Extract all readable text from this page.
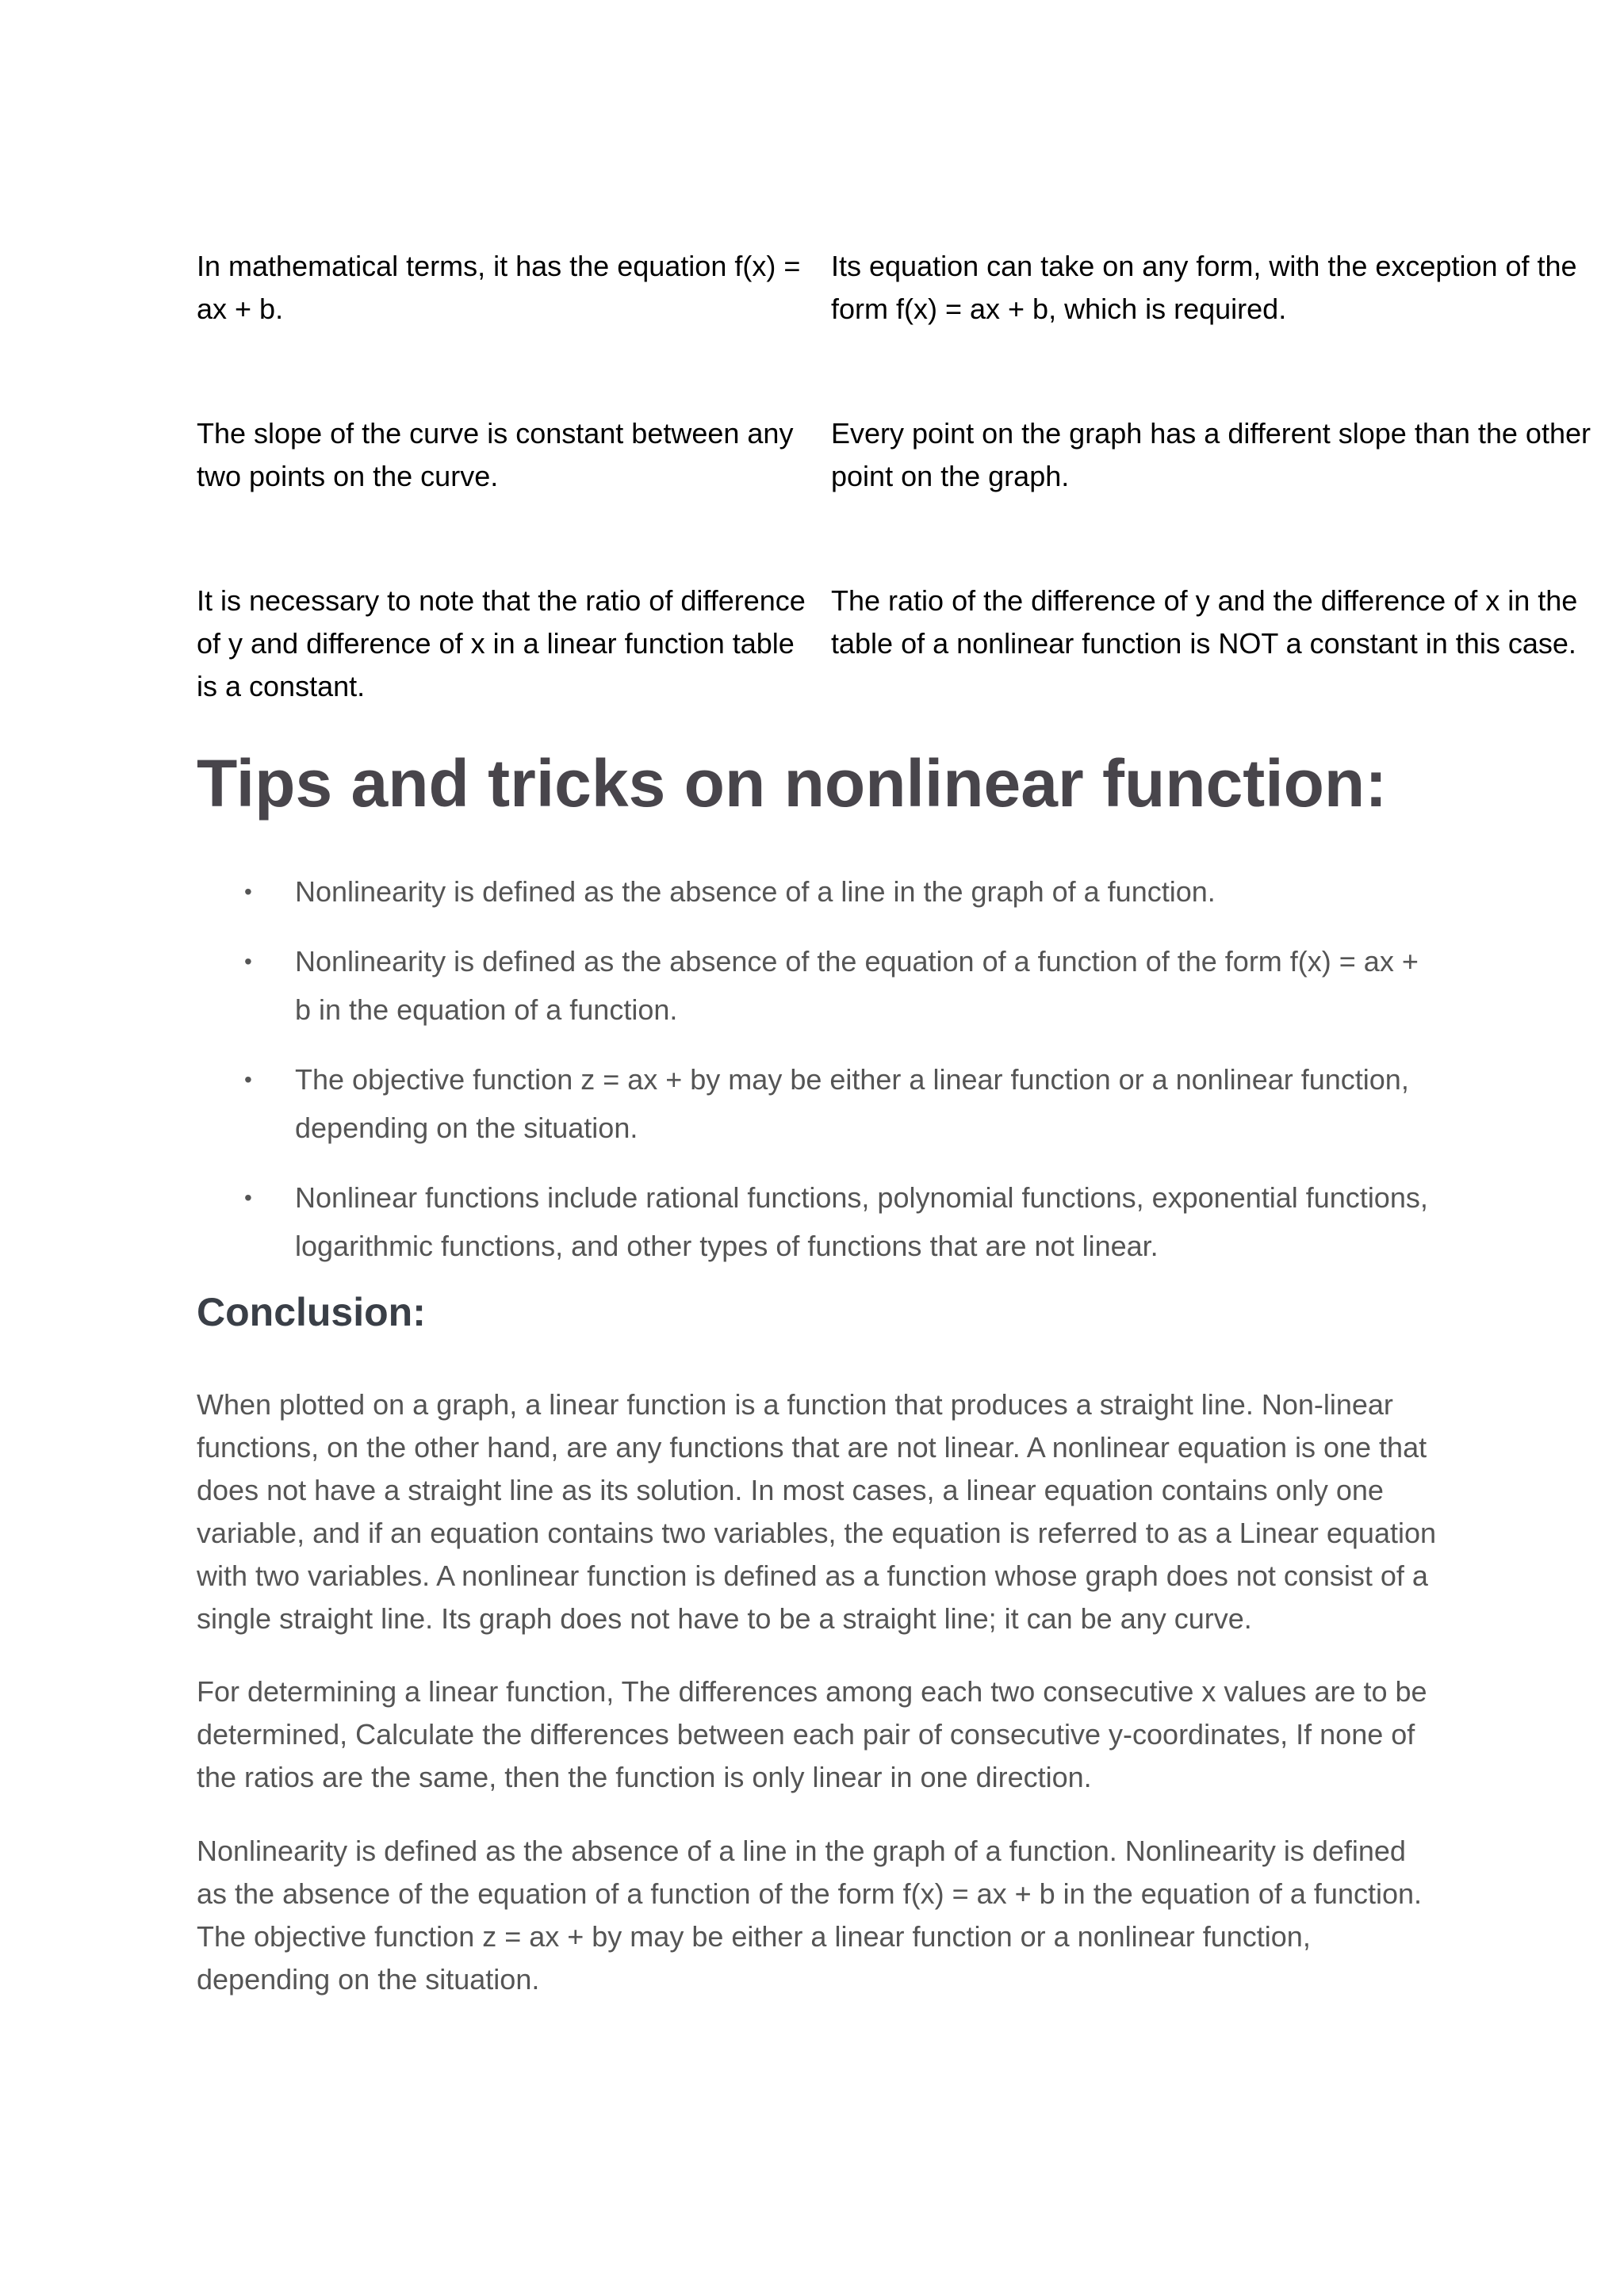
In mathematical terms, it has the equation f(x) = ax + b.
Its equation can take on any form, with the exception of the form f(x) = ax + b, which is required.
The slope of the curve is constant between any two points on the curve.
Every point on the graph has a different slope than the other point on the graph.
It is necessary to note that the ratio of difference of y and difference of x in a linear function table is a constant.
The ratio of the difference of y and the difference of x in the table of a nonlinear function is NOT a constant in this case.
Tips and tricks on nonlinear function:
• Nonlinearity is defined as the absence of a line in the graph of a function.
• Nonlinearity is defined as the absence of the equation of a function of the form f(x) = ax + b in the equation of a function.
• The objective function z = ax + by may be either a linear function or a nonlinear function, depending on the situation.
• Nonlinear functions include rational functions, polynomial functions, exponential functions, logarithmic functions, and other types of functions that are not linear.
Conclusion:

When plotted on a graph, a linear function is a function that produces a straight line. Non-linear functions, on the other hand, are any functions that are not linear. A nonlinear equation is one that does not have a straight line as its solution. In most cases, a linear equation contains only one variable, and if an equation contains two variables, the equation is referred to as a Linear equation with two variables. A nonlinear function is defined as a function whose graph does not consist of a single straight line. Its graph does not have to be a straight line; it can be any curve.

For determining a linear function, The differences among each two consecutive x values are to be determined, Calculate the differences between each pair of consecutive y-coordinates, If none of the ratios are the same, then the function is only linear in one direction.

Nonlinearity is defined as the absence of a line in the graph of a function. Nonlinearity is defined as the absence of the equation of a function of the form f(x) = ax + b in the equation of a function. The objective function z = ax + by may be either a linear function or a nonlinear function, depending on the situation.
